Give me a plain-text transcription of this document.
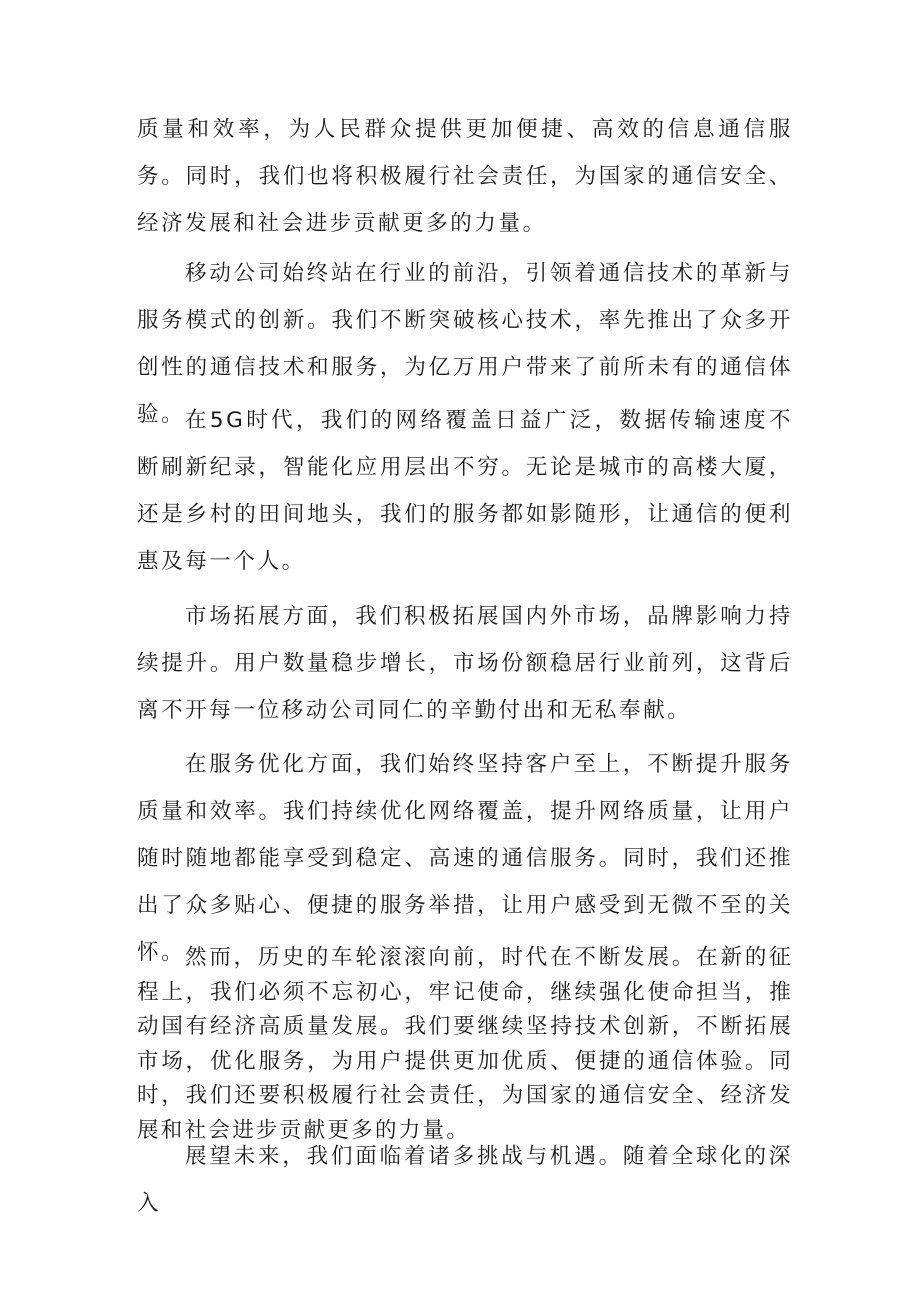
质量和效率，为人民群众提供更加便捷、高效的信息通信服务。同时，我们也将积极履行社会责任，为国家的通信安全、经济发展和社会进步贡献更多的力量。

移动公司始终站在行业的前沿，引领着通信技术的革新与服务模式的创新。我们不断突破核心技术，率先推出了众多开创性的通信技术和服务，为亿万用户带来了前所未有的通信体验。 在5G时代，我们的网络覆盖日益广泛，数据传输速度不断刷新纪录，智能化应用层出不穷。无论是城市的高楼大厦，还是乡村的田间地头，我们的服务都如影随形，让通信的便利惠及每一个人。

市场拓展方面，我们积极拓展国内外市场，品牌影响力持续提升。用户数量稳步增长，市场份额稳居行业前列，这背后离不开每一位移动公司同仁的辛勤付出和无私奉献。

在服务优化方面，我们始终坚持客户至上，不断提升服务质量和效率。我们持续优化网络覆盖，提升网络质量，让用户随时随地都能享受到稳定、高速的通信服务。同时，我们还推出了众多贴心、便捷的服务举措，让用户感受到无微不至的关怀。 然而，历史的车轮滚滚向前，时代在不断发展。在新的征程上，我们必须不忘初心，牢记使命，继续强化使命担当，推动国有经济高质量发展。我们要继续坚持技术创新，不断拓展市场，优化服务，为用户提供更加优质、便捷的通信体验。同时，我们还要积极履行社会责任，为国家的通信安全、经济发展和社会进步贡献更多的力量。

展望未来，我们面临着诸多挑战与机遇。随着全球化的深入
